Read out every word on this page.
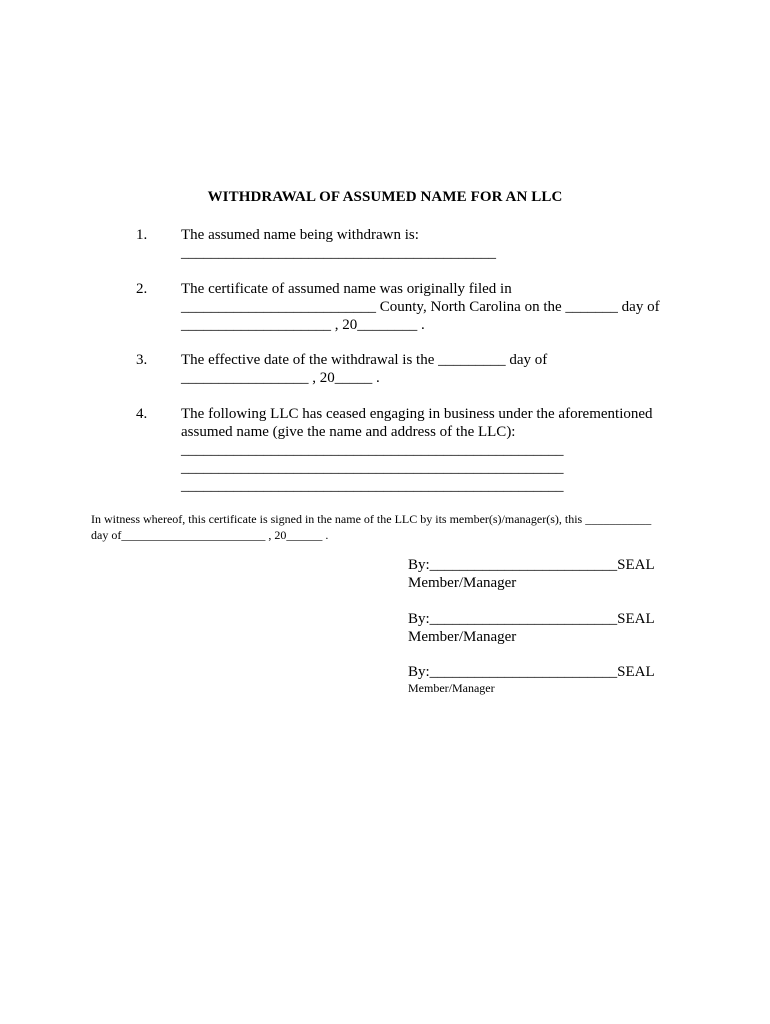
WITHDRAWAL OF ASSUMED NAME FOR AN LLC
1. The assumed name being withdrawn is:
__________________________________________
2. The certificate of assumed name was originally filed in
__________________________ County, North Carolina on the _______ day of
____________________ , 20________ .
3. The effective date of the withdrawal is the _________ day of
_________________ , 20_____ .
4. The following LLC has ceased engaging in business under the aforementioned
assumed name (give the name and address of the LLC):
___________________________________________________
___________________________________________________
___________________________________________________
In witness whereof, this certificate is signed in the name of the LLC by its member(s)/manager(s), this ___________
day of________________________ , 20______ .
By:_________________________SEAL
Member/Manager
By:_________________________SEAL
Member/Manager
By:_________________________SEAL
Member/Manager
